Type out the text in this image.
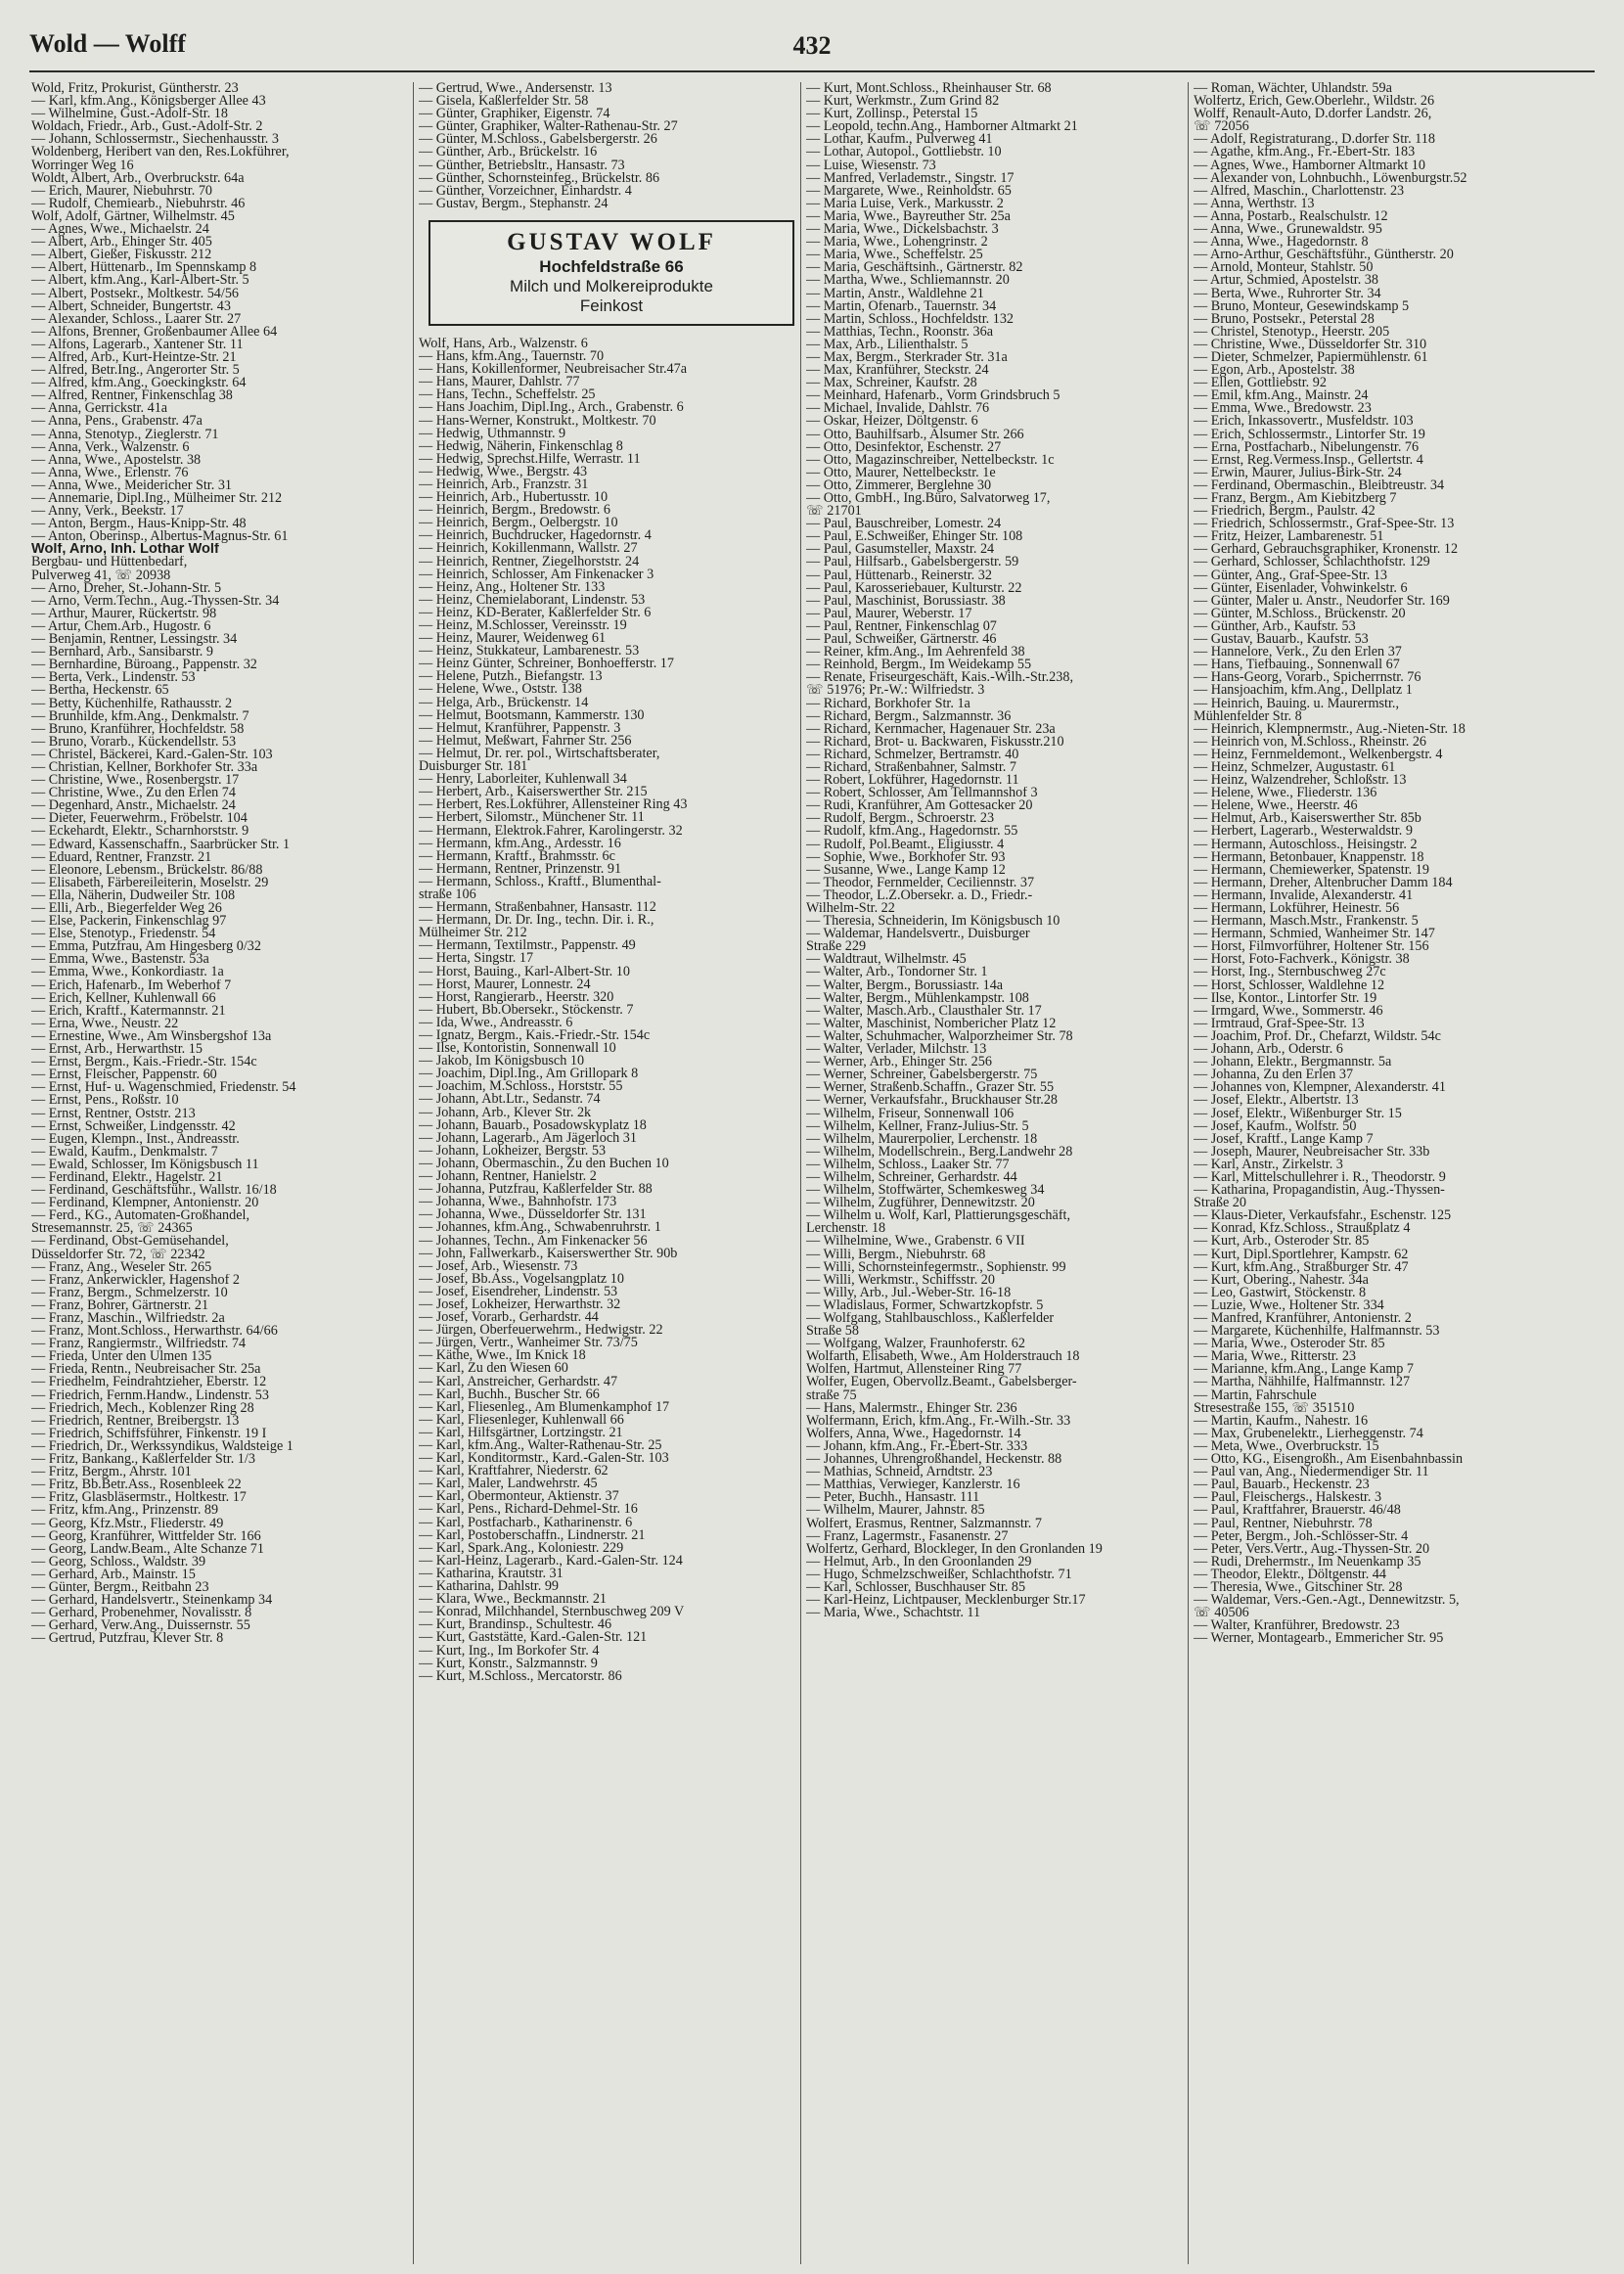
Wold — Wolff	432
Wold, Fritz, Prokurist, Güntherstr. 23
— Karl, kfm.Ang., Königsberger Allee 43
— Wilhelmine, Gust.-Adolf-Str. 18
Woldach, Friedr., Arb., Gust.-Adolf-Str. 2
— Johann, Schlossermstr., Siechenhausstr. 3
Woldenberg, Heribert van den, Res.Lokführer,
Worringer Weg 16
Woldt, Albert, Arb., Overbruckstr. 64a
— Erich, Maurer, Niebuhrstr. 70
— Rudolf, Chemiearb., Niebuhrstr. 46
Wolf, Adolf, Gärtner, Wilhelmstr. 45
— Agnes, Wwe., Michaelstr. 24
— Albert, Arb., Ehinger Str. 405
— Albert, Gießer, Fiskusstr. 212
— Albert, Hüttenarb., Im Spennskamp 8
— Albert, kfm.Ang., Karl-Albert-Str. 5
— Albert, Postsekr., Moltkestr. 54/56
— Albert, Schneider, Bungertstr. 43
— Alexander, Schloss., Laarer Str. 27
— Alfons, Brenner, Großenbaumer Allee 64
— Alfons, Lagerarb., Xantener Str. 11
— Alfred, Arb., Kurt-Heintze-Str. 21
— Alfred, Betr.Ing., Angerorter Str. 5
— Alfred, kfm.Ang., Goeckingkstr. 64
— Alfred, Rentner, Finkenschlag 38
— Anna, Gerrickstr. 41a
— Anna, Pens., Grabenstr. 47a
— Anna, Stenotyp., Zieglerstr. 71
— Anna, Verk., Walzenstr. 6
— Anna, Wwe., Apostelstr. 38
— Anna, Wwe., Erlenstr. 76
— Anna, Wwe., Meidericher Str. 31
— Annemarie, Dipl.Ing., Mülheimer Str. 212
— Anny, Verk., Beekstr. 17
— Anton, Bergm., Haus-Knipp-Str. 48
— Anton, Oberinsp., Albertus-Magnus-Str. 61
Wolf, Arno, Inh. Lothar Wolf
Bergbau- und Hüttenbedarf,
Pulverweg 41, ☏ 20938
— Arno, Dreher, St.-Johann-Str. 5
— Arno, Verm.Techn., Aug.-Thyssen-Str. 34
— Arthur, Maurer, Rückertstr. 98
— Artur, Chem.Arb., Hugostr. 6
— Benjamin, Rentner, Lessingstr. 34
— Bernhard, Arb., Sansibarstr. 9
— Bernhardine, Büroang., Pappenstr. 32
— Berta, Verk., Lindenstr. 53
— Bertha, Heckenstr. 65
— Betty, Küchenhilfe, Rathausstr. 2
— Brunhilde, kfm.Ang., Denkmalstr. 7
— Bruno, Kranführer, Hochfeldstr. 58
— Bruno, Vorarb., Kückendellstr. 53
— Christel, Bäckerei, Kard.-Galen-Str. 103
— Christian, Kellner, Borkhofer Str. 33a
— Christine, Wwe., Rosenbergstr. 17
— Christine, Wwe., Zu den Erlen 74
— Degenhard, Anstr., Michaelstr. 24
— Dieter, Feuerwehrm., Fröbelstr. 104
— Eckehardt, Elektr., Scharnhorststr. 9
— Edward, Kassenschaffn., Saarbrücker Str. 1
— Eduard, Rentner, Franzstr. 21
— Eleonore, Lebensm., Brückelstr. 86/88
— Elisabeth, Färbereileiterin, Moselstr. 29
— Ella, Näherin, Dudweiler Str. 108
— Elli, Arb., Biegerfelder Weg 26
— Else, Packerin, Finkenschlag 97
— Else, Stenotyp., Friedenstr. 54
— Emma, Putzfrau, Am Hingesberg 0/32
— Emma, Wwe., Bastenstr. 53a
— Emma, Wwe., Konkordiastr. 1a
— Erich, Hafenarb., Im Weberhof 7
— Erich, Kellner, Kuhlenwall 66
— Erich, Kraftf., Katermannstr. 21
— Erna, Wwe., Neustr. 22
— Ernestine, Wwe., Am Winsbergshof 13a
— Ernst, Arb., Herwarthstr. 15
— Ernst, Bergm., Kais.-Friedr.-Str. 154c
— Ernst, Fleischer, Pappenstr. 60
— Ernst, Huf- u. Wagenschmied, Friedenstr. 54
— Ernst, Pens., Roßstr. 10
— Ernst, Rentner, Oststr. 213
— Ernst, Schweißer, Lindgensstr. 42
— Eugen, Klempn., Inst., Andreasstr.
— Ewald, Kaufm., Denkmalstr. 7
— Ewald, Schlosser, Im Königsbusch 11
— Ferdinand, Elektr., Hagelstr. 21
— Ferdinand, Geschäftsführ., Wallstr. 16/18
— Ferdinand, Klempner, Antonienstr. 20
— Ferd., KG., Automaten-Großhandel,
Stresemannstr. 25, ☏ 24365
— Ferdinand, Obst-Gemüsehandel,
Düsseldorfer Str. 72, ☏ 22342
— Franz, Ang., Weseler Str. 265
— Franz, Ankerwickler, Hagenshof 2
— Franz, Bergm., Schmelzerstr. 10
— Franz, Bohrer, Gärtnerstr. 21
— Franz, Maschin., Wilfriedstr. 2a
— Franz, Mont.Schloss., Herwarthstr. 64/66
— Franz, Rangiermstr., Wilfriedstr. 74
— Frieda, Unter den Ulmen 135
— Frieda, Rentn., Neubreisacher Str. 25a
— Friedhelm, Feindrahtzieher, Eberstr. 12
— Friedrich, Fernm.Handw., Lindenstr. 53
— Friedrich, Mech., Koblenzer Ring 28
— Friedrich, Rentner, Breibergstr. 13
— Friedrich, Schiffsführer, Finkenstr. 19 I
— Friedrich, Dr., Werkssyndikus, Waldsteige 1
— Fritz, Bankang., Kaßlerfelder Str. 1/3
— Fritz, Bergm., Ahrstr. 101
— Fritz, Bb.Betr.Ass., Rosenbleek 22
— Fritz, Glasbläsermstr., Holtkestr. 17
— Fritz, kfm.Ang., Prinzenstr. 89
— Georg, Kfz.Mstr., Fliederstr. 49
— Georg, Kranführer, Wittfelder Str. 166
— Georg, Landw.Beam., Alte Schanze 71
— Georg, Schloss., Waldstr. 39
— Gerhard, Arb., Mainstr. 15
— Günter, Bergm., Reitbahn 23
— Gerhard, Handelsvertr., Steinenkamp 34
— Gerhard, Probenehmer, Novalisstr. 8
— Gerhard, Verw.Ang., Duissernstr. 55
— Gertrud, Putzfrau, Klever Str. 8
— Gertrud, Wwe., Andersenstr. 13
— Gisela, Kaßlerfelder Str. 58
— Günter, Graphiker, Eigenstr. 74
— Günter, Graphiker, Walter-Rathenau-Str. 27
— Günter, M.Schloss., Gabelsbergerstr. 26
— Günther, Arb., Brückelstr. 16
— Günther, Betriebsltr., Hansastr. 73
— Günther, Schornsteinfeg., Brückelstr. 86
— Günther, Vorzeichner, Einhardstr. 4
— Gustav, Bergm., Stephanstr. 24
GUSTAV WOLF
Hochfeldstraße 66
Milch und Molkereiprodukte
Feinkost
Wolf, Hans, Arb., Walzenstr. 6
— Hans, kfm.Ang., Tauernstr. 70
— Hans, Kokillenformer, Neubreisacher Str.47a
— Hans, Maurer, Dahlstr. 77
— Hans, Techn., Scheffelstr. 25
— Hans Joachim, Dipl.Ing., Arch., Grabenstr. 6
— Hans-Werner, Konstrukt., Moltkestr. 70
— Hedwig, Uthmannstr. 9
— Hedwig, Näherin, Finkenschlag 8
— Hedwig, Sprechst.Hilfe, Werrastr. 11
— Hedwig, Wwe., Bergstr. 43
— Heinrich, Arb., Franzstr. 31
— Heinrich, Arb., Hubertusstr. 10
— Heinrich, Bergm., Bredowstr. 6
— Heinrich, Bergm., Oelbergstr. 10
— Heinrich, Buchdrucker, Hagedornstr. 4
— Heinrich, Kokillenmann, Wallstr. 27
— Heinrich, Rentner, Ziegelhorststr. 24
— Heinrich, Schlosser, Am Finkenacker 3
— Heinz, Ang., Holtener Str. 133
— Heinz, Chemielaborant, Lindenstr. 53
— Heinz, KD-Berater, Kaßlerfelder Str. 6
— Heinz, M.Schlosser, Vereinsstr. 19
— Heinz, Maurer, Weidenweg 61
— Heinz, Stukkateur, Lambarenestr. 53
— Heinz Günter, Schreiner, Bonhoefferstr. 17
— Helene, Putzh., Biefangstr. 13
— Helene, Wwe., Oststr. 138
— Helga, Arb., Brückenstr. 14
— Helmut, Bootsmann, Kammerstr. 130
— Helmut, Kranführer, Pappenstr. 3
— Helmut, Meßwart, Fahrner Str. 256
— Helmut, Dr. rer. pol., Wirtschaftsberater,
Duisburger Str. 181
— Henry, Laborleiter, Kuhlenwall 34
— Herbert, Arb., Kaiserswerther Str. 215
— Herbert, Res.Lokführer, Allensteiner Ring 43
— Herbert, Silomstr., Münchener Str. 11
— Hermann, Elektrok.Fahrer, Karolingerstr. 32
— Hermann, kfm.Ang., Ardesstr. 16
— Hermann, Kraftf., Brahmsstr. 6c
— Hermann, Rentner, Prinzenstr. 91
— Hermann, Schloss., Kraftf., Blumenthal-
straße 106
— Hermann, Straßenbahner, Hansastr. 112
— Hermann, Dr. Dr. Ing., techn. Dir. i. R.,
Mülheimer Str. 212
— Hermann, Textilmstr., Pappenstr. 49
— Herta, Singstr. 17
— Horst, Bauing., Karl-Albert-Str. 10
— Horst, Maurer, Lonnestr. 24
— Horst, Rangierarb., Heerstr. 320
— Hubert, Bb.Obersekr., Stöckenstr. 7
— Ida, Wwe., Andreasstr. 6
— Ignatz, Bergm., Kais.-Friedr.-Str. 154c
— Ilse, Kontoristin, Sonnenwall 10
— Jakob, Im Königsbusch 10
— Joachim, Dipl.Ing., Am Grillopark 8
— Joachim, M.Schloss., Horststr. 55
— Johann, Abt.Ltr., Sedanstr. 74
— Johann, Arb., Klever Str. 2k
— Johann, Bauarb., Posadowskyplatz 18
— Johann, Lagerarb., Am Jägerloch 31
— Johann, Lokheizer, Bergstr. 53
— Johann, Obermaschin., Zu den Buchen 10
— Johann, Rentner, Hanielstr. 2
— Johanna, Putzfrau, Kaßlerfelder Str. 88
— Johanna, Wwe., Bahnhofstr. 173
— Johanna, Wwe., Düsseldorfer Str. 131
— Johannes, kfm.Ang., Schwabenruhrstr. 1
— Johannes, Techn., Am Finkenacker 56
— John, Fallwerkarb., Kaiserswerther Str. 90b
— Josef, Arb., Wiesenstr. 73
— Josef, Bb.Ass., Vogelsangplatz 10
— Josef, Eisendreher, Lindenstr. 53
— Josef, Lokheizer, Herwarthstr. 32
— Josef, Vorarb., Gerhardstr. 44
— Jürgen, Oberfeuerwehrm., Hedwigstr. 22
— Jürgen, Vertr., Wanheimer Str. 73/75
— Käthe, Wwe., Im Knick 18
— Karl, Zu den Wiesen 60
— Karl, Anstreicher, Gerhardstr. 47
— Karl, Buchh., Buscher Str. 66
— Karl, Fliesenleg., Am Blumenkamphof 17
— Karl, Fliesenleger, Kuhlenwall 66
— Karl, Hilfsgärtner, Lortzingstr. 21
— Karl, kfm.Ang., Walter-Rathenau-Str. 25
— Karl, Konditormstr., Kard.-Galen-Str. 103
— Karl, Kraftfahrer, Niederstr. 62
— Karl, Maler, Landwehrstr. 45
— Karl, Obermonteur, Aktienstr. 37
— Karl, Pens., Richard-Dehmel-Str. 16
— Karl, Postfacharb., Katharinenstr. 6
— Karl, Postoberschaffn., Lindnerstr. 21
— Karl, Spark.Ang., Koloniestr. 229
— Karl-Heinz, Lagerarb., Kard.-Galen-Str. 124
— Katharina, Krautstr. 31
— Katharina, Dahlstr. 99
— Klara, Wwe., Beckmannstr. 21
— Konrad, Milchhandel, Sternbuschweg 209 V
— Kurt, Brandinsp., Schultestr. 46
— Kurt, Gaststätte, Kard.-Galen-Str. 121
— Kurt, Ing., Im Borkofer Str. 4
— Kurt, Konstr., Salzmannstr. 9
— Kurt, M.Schloss., Mercatorstr. 86
— Kurt, Mont.Schloss., Rheinhauser Str. 68
— Kurt, Werkmstr., Zum Grind 82
— Kurt, Zollinsp., Peterstal 15
— Leopold, techn.Ang., Hamborner Altmarkt 21
— Lothar, Kaufm., Pulverweg 41
— Lothar, Autopol., Gottliebstr. 10
— Luise, Wiesenstr. 73
— Manfred, Verlademstr., Singstr. 17
— Margarete, Wwe., Reinholdstr. 65
— Maria Luise, Verk., Markusstr. 2
— Maria, Wwe., Bayreuther Str. 25a
— Maria, Wwe., Dickelsbachstr. 3
— Maria, Wwe., Lohengrinstr. 2
— Maria, Wwe., Scheffelstr. 25
— Maria, Geschäftsinh., Gärtnerstr. 82
— Martha, Wwe., Schliemannstr. 20
— Martin, Anstr., Waldlehne 21
— Martin, Ofenarb., Tauernstr. 34
— Martin, Schloss., Hochfeldstr. 132
— Matthias, Techn., Roonstr. 36a
— Max, Arb., Lilienthalstr. 5
— Max, Bergm., Sterkrader Str. 31a
— Max, Kranführer, Steckstr. 24
— Max, Schreiner, Kaufstr. 28
— Meinhard, Hafenarb., Vorm Grindsbruch 5
— Michael, Invalide, Dahlstr. 76
— Oskar, Heizer, Döltgenstr. 6
— Otto, Bauhilfsarb., Alsumer Str. 266
— Otto, Desinfektor, Eschenstr. 27
— Otto, Magazinschreiber, Nettelbeckstr. 1c
— Otto, Maurer, Nettelbeckstr. 1e
— Otto, Zimmerer, Berglehne 30
— Otto, GmbH., Ing.Büro, Salvatorweg 17,
☏ 21701
— Paul, Bauschreiber, Lomestr. 24
— Paul, E.Schweißer, Ehinger Str. 108
— Paul, Gasumsteller, Maxstr. 24
— Paul, Hilfsarb., Gabelsbergerstr. 59
— Paul, Hüttenarb., Reinerstr. 32
— Paul, Karosseriebauer, Kulturstr. 22
— Paul, Maschinist, Borussiastr. 38
— Paul, Maurer, Weberstr. 17
— Paul, Rentner, Finkenschlag 07
— Paul, Schweißer, Gärtnerstr. 46
— Reiner, kfm.Ang., Im Aehrenfeld 38
— Reinhold, Bergm., Im Weidekamp 55
— Renate, Friseurgeschäft, Kais.-Wilh.-Str.238,
☏ 51976; Pr.-W.: Wilfriedstr. 3
— Richard, Borkhofer Str. 1a
— Richard, Bergm., Salzmannstr. 36
— Richard, Kernmacher, Hagenauer Str. 23a
— Richard, Brot- u. Backwaren, Fiskusstr.210
— Richard, Schmelzer, Bertramstr. 40
— Richard, Straßenbahner, Salmstr. 7
— Robert, Lokführer, Hagedornstr. 11
— Robert, Schlosser, Am Tellmannshof 3
— Rudi, Kranführer, Am Gottesacker 20
— Rudolf, Bergm., Schroerstr. 23
— Rudolf, kfm.Ang., Hagedornstr. 55
— Rudolf, Pol.Beamt., Eligiusstr. 4
— Sophie, Wwe., Borkhofer Str. 93
— Susanne, Wwe., Lange Kamp 12
— Theodor, Fernmelder, Ceciliennstr. 37
— Theodor, L.Z.Obersekr. a. D., Friedr.-
Wilhelm-Str. 22
— Theresia, Schneiderin, Im Königsbusch 10
— Waldemar, Handelsvertr., Duisburger
Straße 229
— Waldtraut, Wilhelmstr. 45
— Walter, Arb., Tondorner Str. 1
— Walter, Bergm., Borussiastr. 14a
— Walter, Bergm., Mühlenkampstr. 108
— Walter, Masch.Arb., Clausthaler Str. 17
— Walter, Maschinist, Nombericher Platz 12
— Walter, Schuhmacher, Walporzheimer Str. 78
— Walter, Verlader, Milchstr. 13
— Werner, Arb., Ehinger Str. 256
— Werner, Schreiner, Gabelsbergerstr. 75
— Werner, Straßenb.Schaffn., Grazer Str. 55
— Werner, Verkaufsfahr., Bruckhauser Str.28
— Wilhelm, Friseur, Sonnenwall 106
— Wilhelm, Kellner, Franz-Julius-Str. 5
— Wilhelm, Maurerpolier, Lerchenstr. 18
— Wilhelm, Modellschrein., Berg.Landwehr 28
— Wilhelm, Schloss., Laaker Str. 77
— Wilhelm, Schreiner, Gerhardstr. 44
— Wilhelm, Stoffwärter, Schemkesweg 34
— Wilhelm, Zugführer, Dennewitzstr. 20
— Wilhelm u. Wolf, Karl, Plattierungsgeschäft,
Lerchenstr. 18
— Wilhelmine, Wwe., Grabenstr. 6 VII
— Willi, Bergm., Niebuhrstr. 68
— Willi, Schornsteinfegermstr., Sophienstr. 99
— Willi, Werkmstr., Schiffsstr. 20
— Willy, Arb., Jul.-Weber-Str. 16-18
— Wladislaus, Former, Schwartzkopfstr. 5
— Wolfgang, Stahlbauschloss., Kaßlerfelder
Straße 58
— Wolfgang, Walzer, Fraunhoferstr. 62
Wolfarth, Elisabeth, Wwe., Am Holderstrauch 18
Wolfen, Hartmut, Allensteiner Ring 77
Wolfer, Eugen, Obervollz.Beamt., Gabelsberger-
straße 75
— Hans, Malermstr., Ehinger Str. 236
Wolfermann, Erich, kfm.Ang., Fr.-Wilh.-Str. 33
Wolfers, Anna, Wwe., Hagedornstr. 14
— Johann, kfm.Ang., Fr.-Ebert-Str. 333
— Johannes, Uhrengroßhandel, Heckenstr. 88
— Mathias, Schneid, Arndtstr. 23
— Matthias, Verwieger, Kanzlerstr. 16
— Peter, Buchh., Hansastr. 111
— Wilhelm, Maurer, Jahnstr. 85
Wolfert, Erasmus, Rentner, Salzmannstr. 7
— Franz, Lagermstr., Fasanenstr. 27
Wolfertz, Gerhard, Blockleger, In den Gronlanden 19
— Helmut, Arb., In den Groonlanden 29
— Hugo, Schmelzschweißer, Schlachthofstr. 71
— Karl, Schlosser, Buschhauser Str. 85
— Karl-Heinz, Lichtpauser, Mecklenburger Str.17
— Maria, Wwe., Schachtstr. 11
— Roman, Wächter, Uhlandstr. 59a
Wolfertz, Erich, Gew.Oberlehr., Wildstr. 26
Wolff, Renault-Auto, D.dorfer Landstr. 26,
☏ 72056
— Adolf, Registraturang., D.dorfer Str. 118
— Agathe, kfm.Ang., Fr.-Ebert-Str. 183
— Agnes, Wwe., Hamborner Altmarkt 10
— Alexander von, Lohnbuchh., Löwenburgstr.52
— Alfred, Maschin., Charlottenstr. 23
— Anna, Werthstr. 13
— Anna, Postarb., Realschulstr. 12
— Anna, Wwe., Grunewaldstr. 95
— Anna, Wwe., Hagedornstr. 8
— Arno-Arthur, Geschäftsführ., Güntherstr. 20
— Arnold, Monteur, Stahlstr. 50
— Artur, Schmied, Apostelstr. 38
— Berta, Wwe., Ruhrorter Str. 34
— Bruno, Monteur, Gesewindskamp 5
— Bruno, Postsekr., Peterstal 28
— Christel, Stenotyp., Heerstr. 205
— Christine, Wwe., Düsseldorfer Str. 310
— Dieter, Schmelzer, Papiermühlenstr. 61
— Egon, Arb., Apostelstr. 38
— Ellen, Gottliebstr. 92
— Emil, kfm.Ang., Mainstr. 24
— Emma, Wwe., Bredowstr. 23
— Erich, Inkassovertr., Musfeldstr. 103
— Erich, Schlossermstr., Lintorfer Str. 19
— Erna, Postfacharb., Nibelungenstr. 76
— Ernst, Reg.Vermess.Insp., Gellertstr. 4
— Erwin, Maurer, Julius-Birk-Str. 24
— Ferdinand, Obermaschin., Bleibtreustr. 34
— Franz, Bergm., Am Kiebitzberg 7
— Friedrich, Bergm., Paulstr. 42
— Friedrich, Schlossermstr., Graf-Spee-Str. 13
— Fritz, Heizer, Lambarenestr. 51
— Gerhard, Gebrauchsgraphiker, Kronenstr. 12
— Gerhard, Schlosser, Schlachthofstr. 129
— Günter, Ang., Graf-Spee-Str. 13
— Günter, Eisenlader, Vohwinkelstr. 6
— Günter, Maler u. Anstr., Neudorfer Str. 169
— Günter, M.Schloss., Brückenstr. 20
— Günther, Arb., Kaufstr. 53
— Gustav, Bauarb., Kaufstr. 53
— Hannelore, Verk., Zu den Erlen 37
— Hans, Tiefbauing., Sonnenwall 67
— Hans-Georg, Vorarb., Spicherrnstr. 76
— Hansjoachim, kfm.Ang., Dellplatz 1
— Heinrich, Bauing. u. Maurermstr.,
Mühlenfelder Str. 8
— Heinrich, Klempnermstr., Aug.-Nieten-Str. 18
— Heinrich von, M.Schloss., Rheinstr. 26
— Heinz, Fernmeldemont., Welkenbergstr. 4
— Heinz, Schmelzer, Augustastr. 61
— Heinz, Walzendreher, Schloßstr. 13
— Helene, Wwe., Fliederstr. 136
— Helene, Wwe., Heerstr. 46
— Helmut, Arb., Kaiserswerther Str. 85b
— Herbert, Lagerarb., Westerwaldstr. 9
— Hermann, Autoschloss., Heisingstr. 2
— Hermann, Betonbauer, Knappenstr. 18
— Hermann, Chemiewerker, Spatenstr. 19
— Hermann, Dreher, Altenbrucher Damm 184
— Hermann, Invalide, Alexanderstr. 41
— Hermann, Lokführer, Heinestr. 56
— Hermann, Masch.Mstr., Frankenstr. 5
— Hermann, Schmied, Wanheimer Str. 147
— Horst, Filmvorführer, Holtener Str. 156
— Horst, Foto-Fachverk., Königstr. 38
— Horst, Ing., Sternbuschweg 27c
— Horst, Schlosser, Waldlehne 12
— Ilse, Kontor., Lintorfer Str. 19
— Irmgard, Wwe., Sommerstr. 46
— Irmtraud, Graf-Spee-Str. 13
— Joachim, Prof. Dr., Chefarzt, Wildstr. 54c
— Johann, Arb., Oderstr. 6
— Johann, Elektr., Bergmannstr. 5a
— Johanna, Zu den Erlen 37
— Johannes von, Klempner, Alexanderstr. 41
— Josef, Elektr., Albertstr. 13
— Josef, Elektr., Wißenburger Str. 15
— Josef, Kaufm., Wolfstr. 50
— Josef, Kraftf., Lange Kamp 7
— Joseph, Maurer, Neubreisacher Str. 33b
— Karl, Anstr., Zirkelstr. 3
— Karl, Mittelschullehrer i. R., Theodorstr. 9
— Katharina, Propagandistin, Aug.-Thyssen-
Straße 20
— Klaus-Dieter, Verkaufsfahr., Eschenstr. 125
— Konrad, Kfz.Schloss., Straußplatz 4
— Kurt, Arb., Osteroder Str. 85
— Kurt, Dipl.Sportlehrer, Kampstr. 62
— Kurt, kfm.Ang., Straßburger Str. 47
— Kurt, Obering., Nahestr. 34a
— Leo, Gastwirt, Stöckenstr. 8
— Luzie, Wwe., Holtener Str. 334
— Manfred, Kranführer, Antonienstr. 2
— Margarete, Küchenhilfe, Halfmannstr. 53
— Maria, Wwe., Osteroder Str. 85
— Maria, Wwe., Ritterstr. 23
— Marianne, kfm.Ang., Lange Kamp 7
— Martha, Nähhilfe, Halfmannstr. 127
— Martin, Fahrschule
Stresestraße 155, ☏ 351510
— Martin, Kaufm., Nahestr. 16
— Max, Grubenelektr., Lierheggenstr. 74
— Meta, Wwe., Overbruckstr. 15
— Otto, KG., Eisengroßh., Am Eisenbahnbassin
— Paul van, Ang., Niedermendiger Str. 11
— Paul, Bauarb., Heckenstr. 23
— Paul, Fleischergs., Halskestr. 3
— Paul, Kraftfahrer, Brauerstr. 46/48
— Paul, Rentner, Niebuhrstr. 78
— Peter, Bergm., Joh.-Schlösser-Str. 4
— Peter, Vers.Vertr., Aug.-Thyssen-Str. 20
— Rudi, Drehermstr., Im Neuenkamp 35
— Theodor, Elektr., Döltgenstr. 44
— Theresia, Wwe., Gitschiner Str. 28
— Waldemar, Vers.-Gen.-Agt., Dennewitzstr. 5,
☏ 40506
— Walter, Kranführer, Bredowstr. 23
— Werner, Montagearb., Emmericher Str. 95
